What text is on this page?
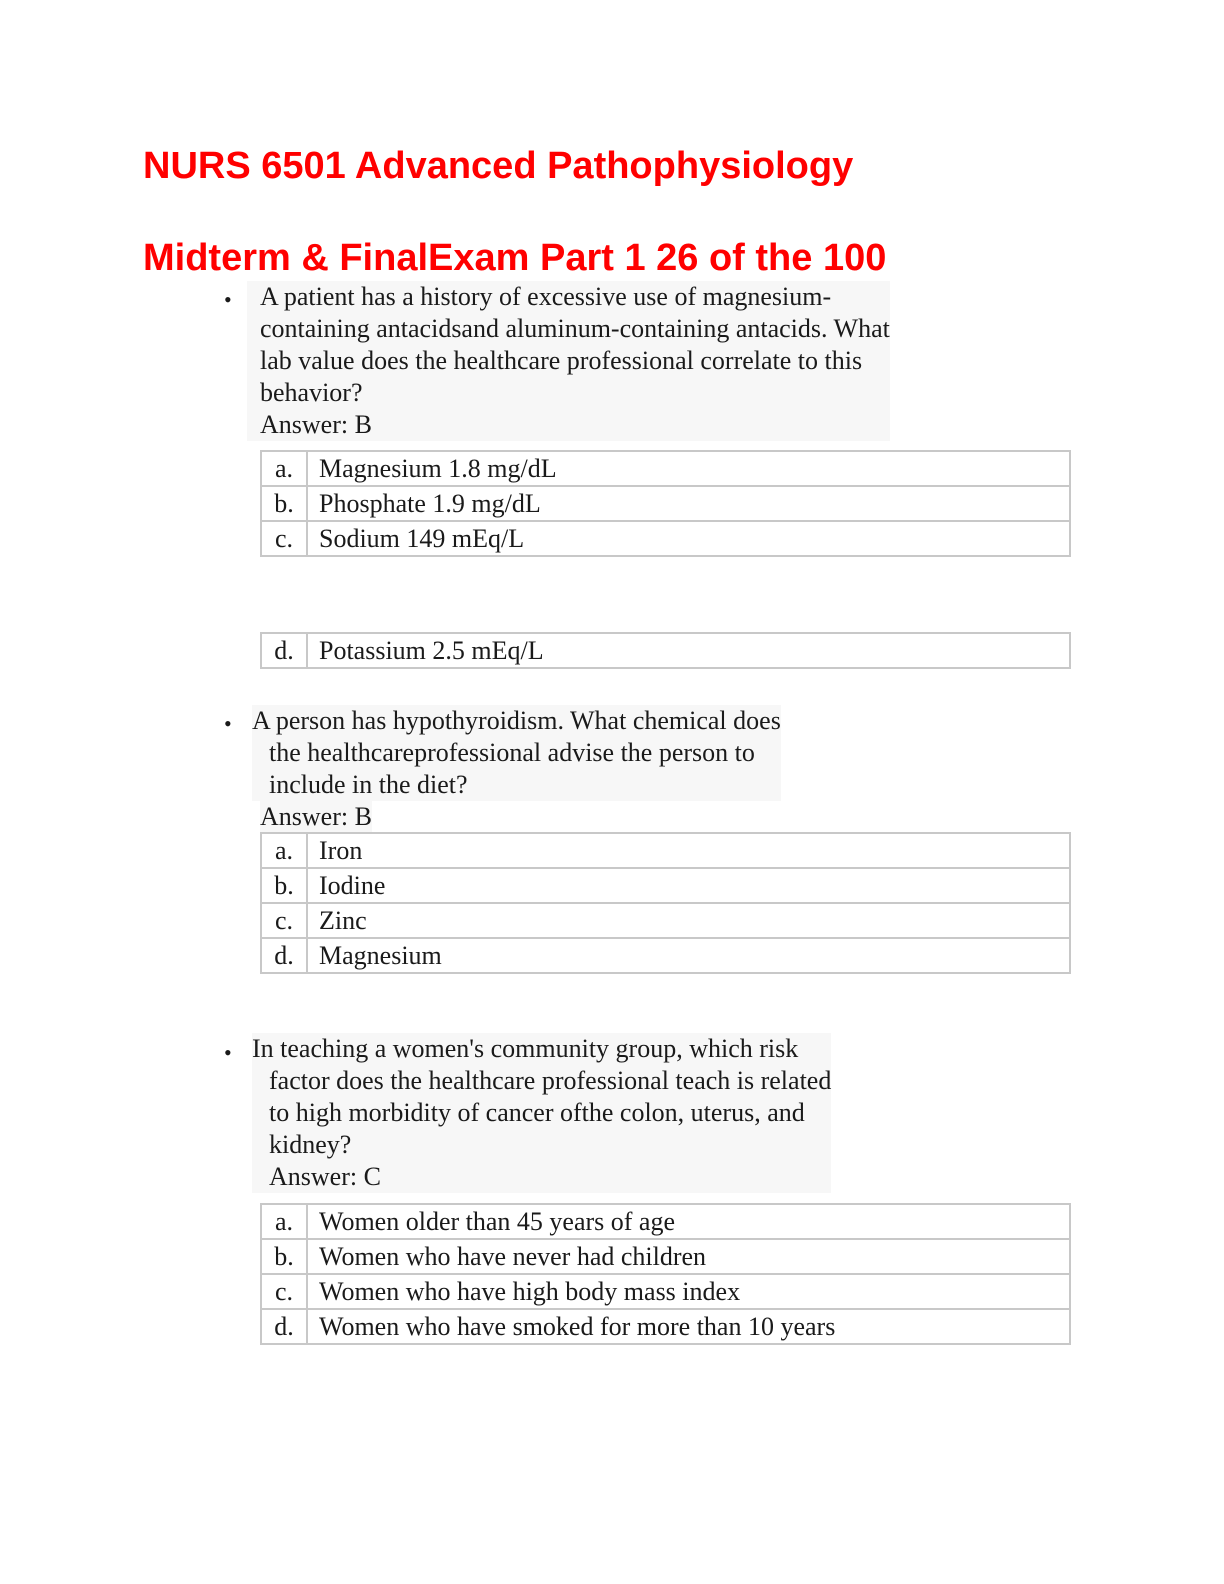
NURS 6501 Advanced Pathophysiology
Midterm & FinalExam Part 1 26 of the 100
• A patient has a history of excessive use of magnesium-
containing antacidsand aluminum-containing antacids. What
lab value does the healthcare professional correlate to this
behavior?
Answer: B
a.	Magnesium 1.8 mg/dL
b.	Phosphate 1.9 mg/dL
c.	Sodium 149 mEq/L
d.	Potassium 2.5 mEq/L
• A person has hypothyroidism. What chemical does
the healthcareprofessional advise the person to
include in the diet?
Answer: B
a.	Iron
b.	Iodine
c.	Zinc
d.	Magnesium
• In teaching a women's community group, which risk
factor does the healthcare professional teach is related
to high morbidity of cancer ofthe colon, uterus, and
kidney?
Answer: C
a.	Women older than 45 years of age
b.	Women who have never had children
c.	Women who have high body mass index
d.	Women who have smoked for more than 10 years
